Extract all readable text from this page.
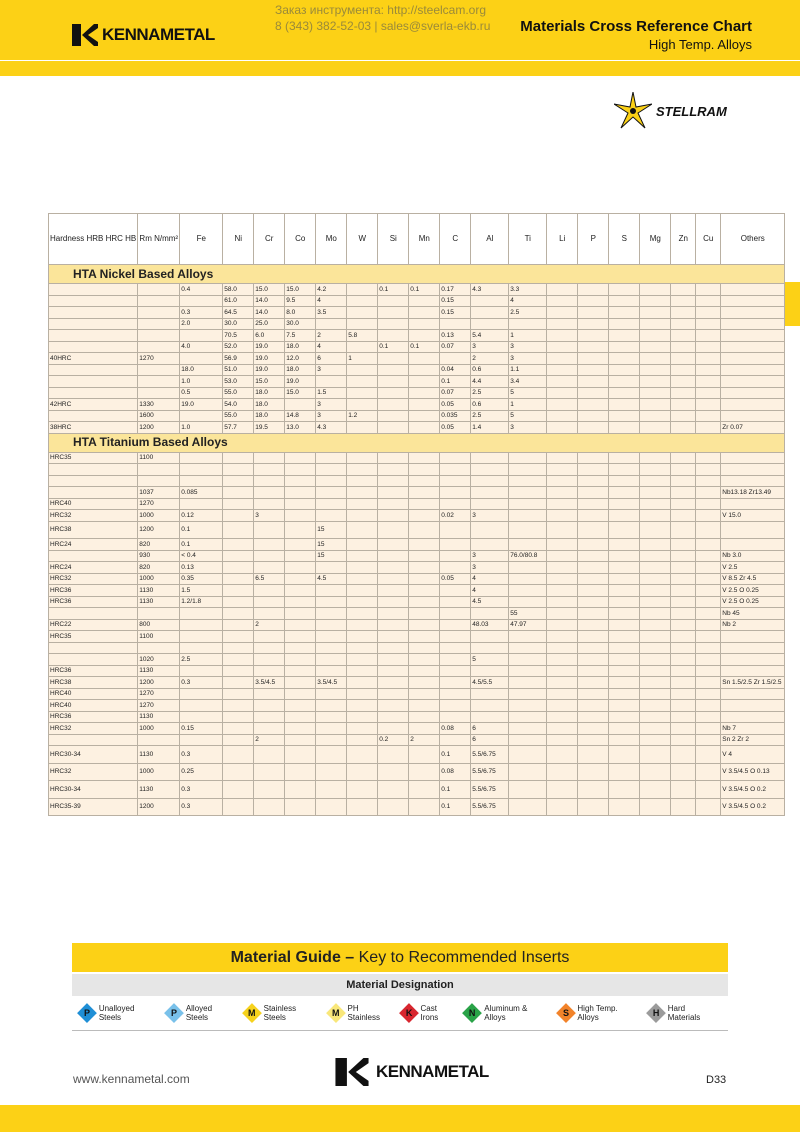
KENNAMETAL
Заказ инструмента: http://steelcam.org
8 (343) 382-52-03 | sales@sverla-ekb.ru Materials Cross Reference Chart
High Temp. Alloys
STELLRAM
Hardness HRB HRC HB	Rm N/mm²	Fe	Ni	Cr	Co	Mo	W	Si	Mn	C	Al	Ti	Li	P	S	Mg	Zn	Cu	Others
HTA Nickel Based Alloys																			
		0.4	58.0	15.0	15.0	4.2		0.1	0.1	0.17	4.3	3.3							
			61.0	14.0	9.5	4				0.15		4							
		0.3	64.5	14.0	8.0	3.5				0.15		2.5							
		2.0	30.0	25.0	30.0														
			70.5	6.0	7.5	2	5.8			0.13	5.4	1							
		4.0	52.0	19.0	18.0	4		0.1	0.1	0.07	3	3							
40HRC	1270		56.9	19.0	12.0	6	1				2	3							
		18.0	51.0	19.0	18.0	3				0.04	0.6	1.1							
		1.0	53.0	15.0	19.0					0.1	4.4	3.4							
		0.5	55.0	18.0	15.0	1.5				0.07	2.5	5							
42HRC	1330	19.0	54.0	18.0		3				0.05	0.6	1							
	1600		55.0	18.0	14.8	3	1.2			0.035	2.5	5							
38HRC	1200	1.0	57.7	19.5	13.0	4.3				0.05	1.4	3							Zr 0.07
HTA Titanium Based Alloys																			
HRC35	1100																		

	1037	0.085																	Nb13.18 Zr13.49
HRC40	1270																		
HRC32	1000	0.12		3						0.02	3								V 15.0
HRC38	1200	0.1				15													
HRC24	820	0.1				15													
	930	< 0.4				15					3	76.0/80.8							Nb 3.0
HRC24	820	0.13									3								V 2.5
HRC32	1000	0.35		6.5		4.5				0.05	4								V 8.5 Zr 4.5
HRC36	1130	1.5									4								V 2.5 O 0.25
HRC36	1130	1.2/1.8									4.5								V 2.5 O 0.25
												55							Nb 45
HRC22	800			2							48.03	47.97							Nb 2
HRC35	1100																		

	1020	2.5									5								
HRC36	1130																		
HRC38	1200	0.3		3.5/4.5		3.5/4.5					4.5/5.5								Sn 1.5/2.5 Zr 1.5/2.5
HRC40	1270																		
HRC40	1270																		
HRC36	1130																		
HRC32	1000	0.15								0.08	6								Nb 7
				2				0.2	2		6								Sn 2 Zr 2
HRC30-34	1130	0.3								0.1	5.5/6.75								V 4
HRC32	1000	0.25								0.08	5.5/6.75								V 3.5/4.5 O 0.13
HRC30-34	1130	0.3								0.1	5.5/6.75								V 3.5/4.5 O 0.2
HRC35-39	1200	0.3								0.1	5.5/6.75								V 3.5/4.5 O 0.2
Material Guide – Key to Recommended Inserts
Material Designation
P Unalloyed Steels	P Alloyed Steels	M Stainless Steels	M PH Stainless	K Cast Irons	N Aluminum & Alloys	S High Temp. Alloys	H Hard Materials
www.kennametal.com	KENNAMETAL	D33
